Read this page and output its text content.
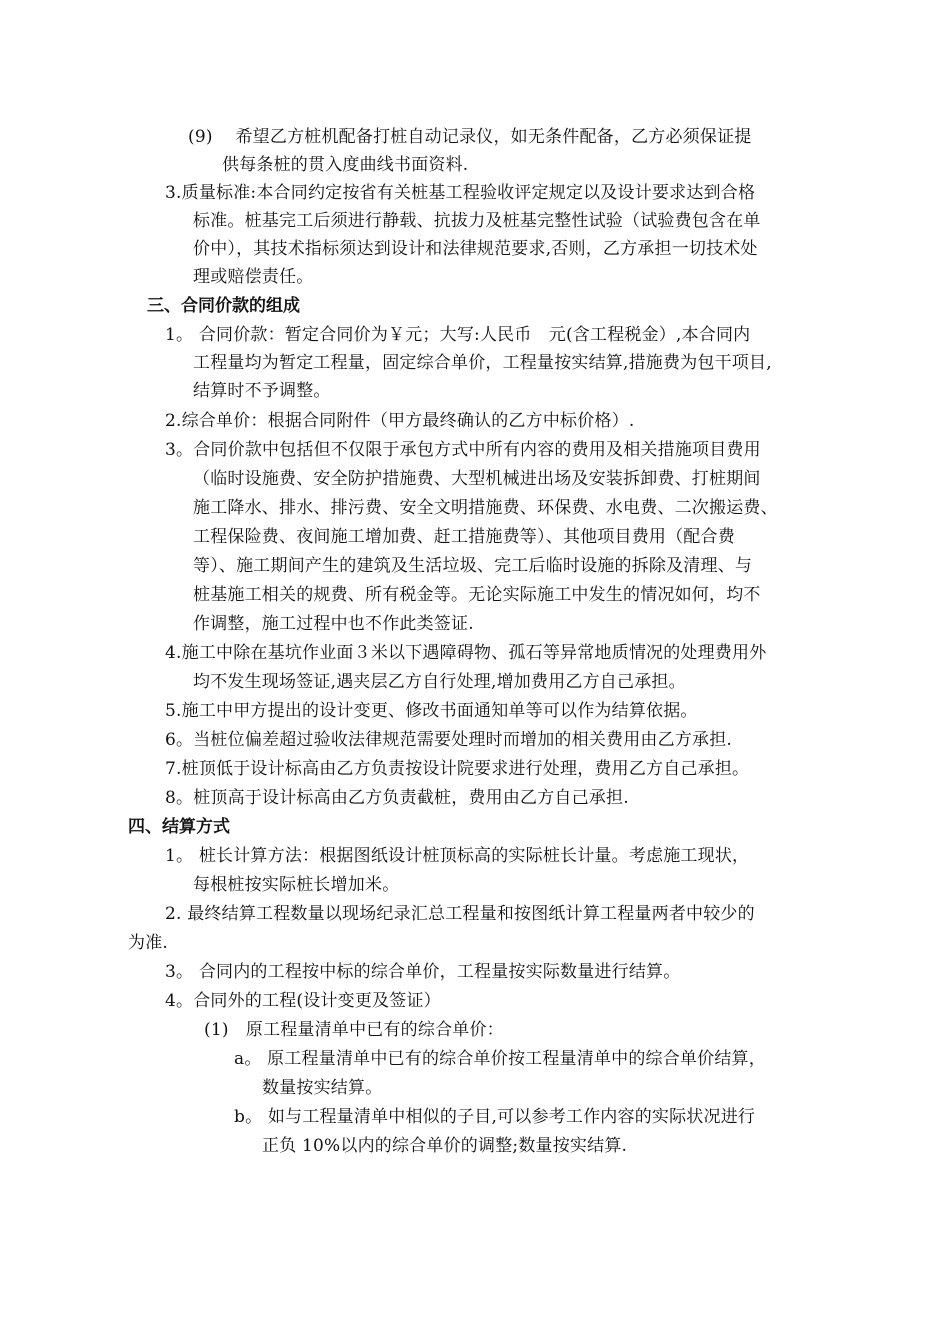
(9)　 希望乙方桩机配备打桩自动记录仪，如无条件配备，乙方必须保证提
供每条桩的贯入度曲线书面资料.
3.质量标准:本合同约定按省有关桩基工程验收评定规定以及设计要求达到合格
标准。桩基完工后须进行静载、抗拔力及桩基完整性试验（试验费包含在单
价中），其技术指标须达到设计和法律规范要求,否则，乙方承担一切技术处
理或赔偿责任。
三、合同价款的组成
1。 合同价款：暂定合同价为￥元；大写:人民币　元(含工程税金）,本合同内
工程量均为暂定工程量，固定综合单价，工程量按实结算,措施费为包干项目,
结算时不予调整。
2.综合单价：根据合同附件（甲方最终确认的乙方中标价格）.
3。合同价款中包括但不仅限于承包方式中所有内容的费用及相关措施项目费用
（临时设施费、安全防护措施费、大型机械进出场及安装拆卸费、打桩期间
施工降水、排水、排污费、安全文明措施费、环保费、水电费、二次搬运费、
工程保险费、夜间施工增加费、赶工措施费等）、其他项目费用（配合费
等）、施工期间产生的建筑及生活垃圾、完工后临时设施的拆除及清理、与
桩基施工相关的规费、所有税金等。无论实际施工中发生的情况如何，均不
作调整，施工过程中也不作此类签证.
4.施工中除在基坑作业面３米以下遇障碍物、孤石等异常地质情况的处理费用外
均不发生现场签证,遇夹层乙方自行处理,增加费用乙方自己承担。
5.施工中甲方提出的设计变更、修改书面通知单等可以作为结算依据。
6。当桩位偏差超过验收法律规范需要处理时而增加的相关费用由乙方承担.
7.桩顶低于设计标高由乙方负责按设计院要求进行处理，费用乙方自己承担。
8。桩顶高于设计标高由乙方负责截桩，费用由乙方自己承担.
四、结算方式
1。 桩长计算方法：根据图纸设计桩顶标高的实际桩长计量。考虑施工现状，
每根桩按实际桩长增加米。
2. 最终结算工程数量以现场纪录汇总工程量和按图纸计算工程量两者中较少的
为准.
3。 合同内的工程按中标的综合单价，工程量按实际数量进行结算。
4。合同外的工程(设计变更及签证）
(1)　原工程量清单中已有的综合单价：
a。 原工程量清单中已有的综合单价按工程量清单中的综合单价结算，
数量按实结算。
b。 如与工程量清单中相似的子目,可以参考工作内容的实际状况进行
正负 10%以内的综合单价的调整;数量按实结算.
